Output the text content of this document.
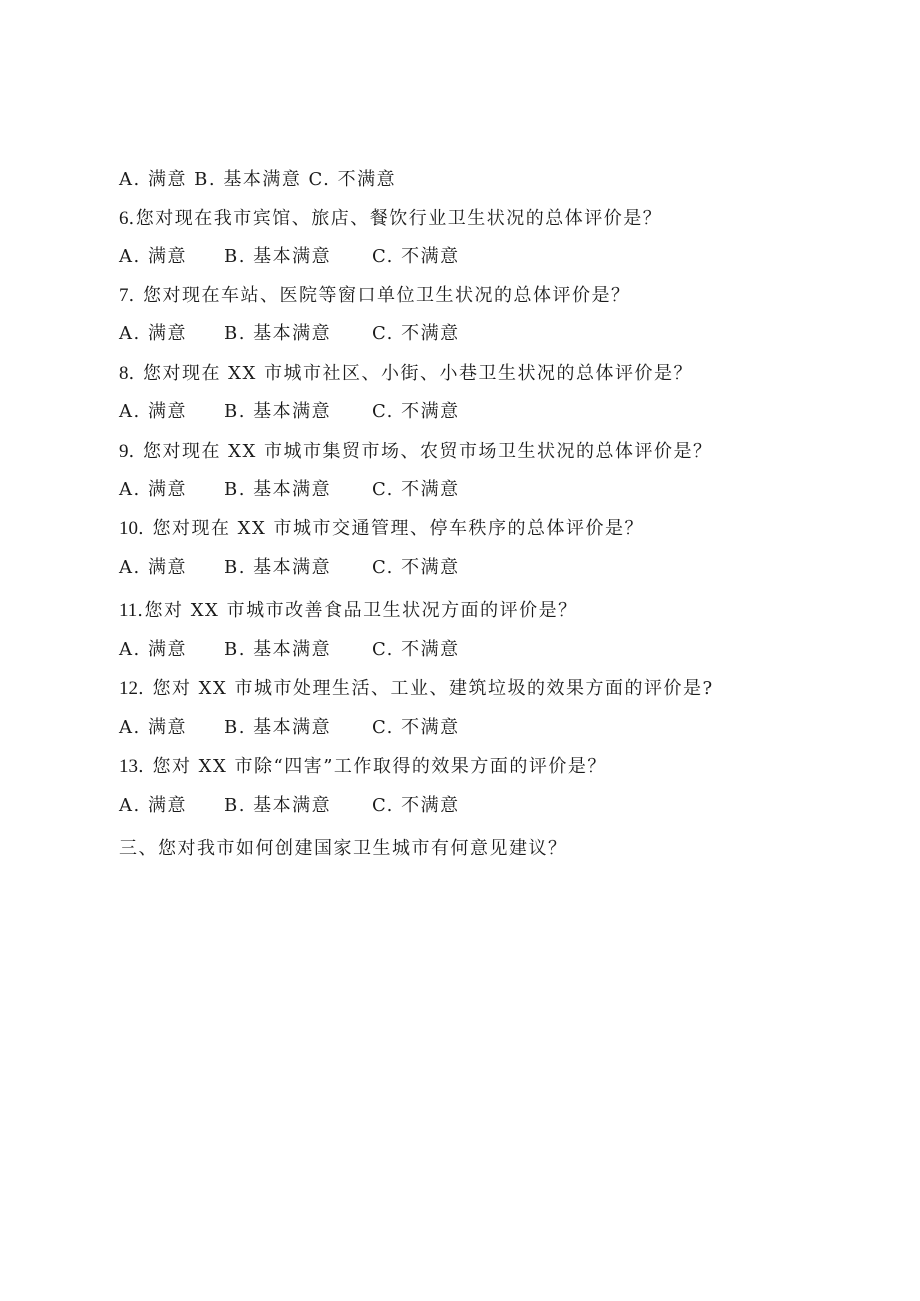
A. 满意 B. 基本满意 C. 不满意
6.您对现在我市宾馆、旅店、餐饮行业卫生状况的总体评价是？
A. 满意 B. 基本满意 C. 不满意
7. 您对现在车站、医院等窗口单位卫生状况的总体评价是？
A. 满意 B. 基本满意 C. 不满意
8. 您对现在 XX 市城市社区、小街、小巷卫生状况的总体评价是？
A. 满意 B. 基本满意 C. 不满意
9. 您对现在 XX 市城市集贸市场、农贸市场卫生状况的总体评价是？
A. 满意 B. 基本满意 C. 不满意
10. 您对现在 XX 市城市交通管理、停车秩序的总体评价是？
A. 满意 B. 基本满意 C. 不满意
11.您对 XX 市城市改善食品卫生状况方面的评价是？
A. 满意 B. 基本满意 C. 不满意
12. 您对 XX 市城市处理生活、工业、建筑垃圾的效果方面的评价是?
A. 满意 B. 基本满意 C. 不满意
13. 您对 XX 市除“四害”工作取得的效果方面的评价是？
A. 满意 B. 基本满意 C. 不满意
三、您对我市如何创建国家卫生城市有何意见建议？
